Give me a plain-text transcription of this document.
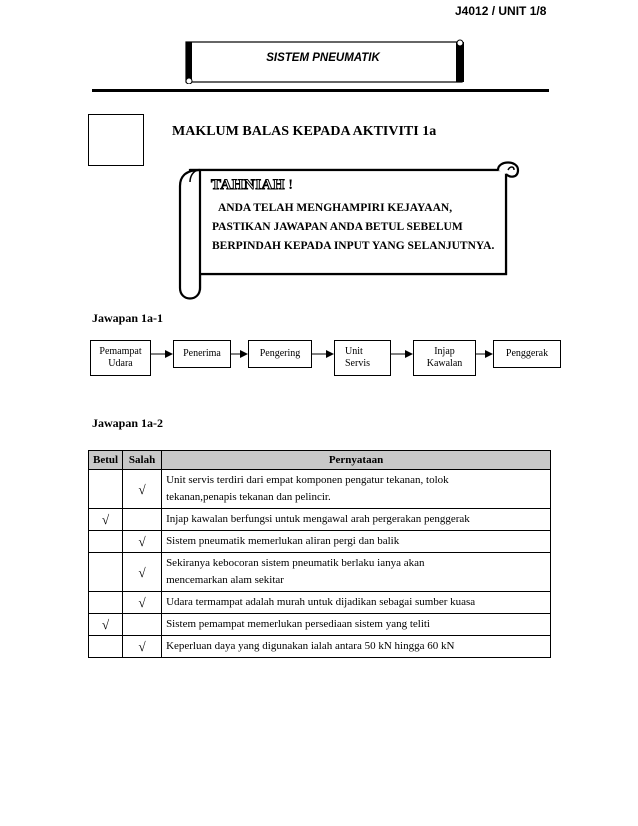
J4012 / UNIT 1/8
SISTEM PNEUMATIK
MAKLUM BALAS KEPADA AKTIVITI 1a
TAHNIAH !
ANDA TELAH MENGHAMPIRI KEJAYAAN,
PASTIKAN JAWAPAN ANDA BETUL SEBELUM
BERPINDAH KEPADA INPUT YANG SELANJUTNYA.
Jawapan 1a-1
Pemampat
Udara
Penerima	Pengering	Unit
Servis
Injap
Kawalan
Penggerak
Jawapan 1a-2
Betul	Salah	Pernyataan
	√	Unit servis terdiri dari empat komponen pengatur tekanan, tolok
tekanan,penapis tekanan dan pelincir.

√		Injap kawalan berfungsi untuk mengawal arah pergerakan penggerak

	√	Sistem pneumatik memerlukan aliran pergi dan balik

	√	Sekiranya kebocoran sistem pneumatik berlaku ianya akan
mencemarkan alam sekitar

	√	Udara termampat adalah murah untuk dijadikan sebagai sumber kuasa

√		Sistem pemampat memerlukan persediaan sistem yang teliti

	√	Keperluan daya yang digunakan ialah antara 50 kN hingga 60 kN
